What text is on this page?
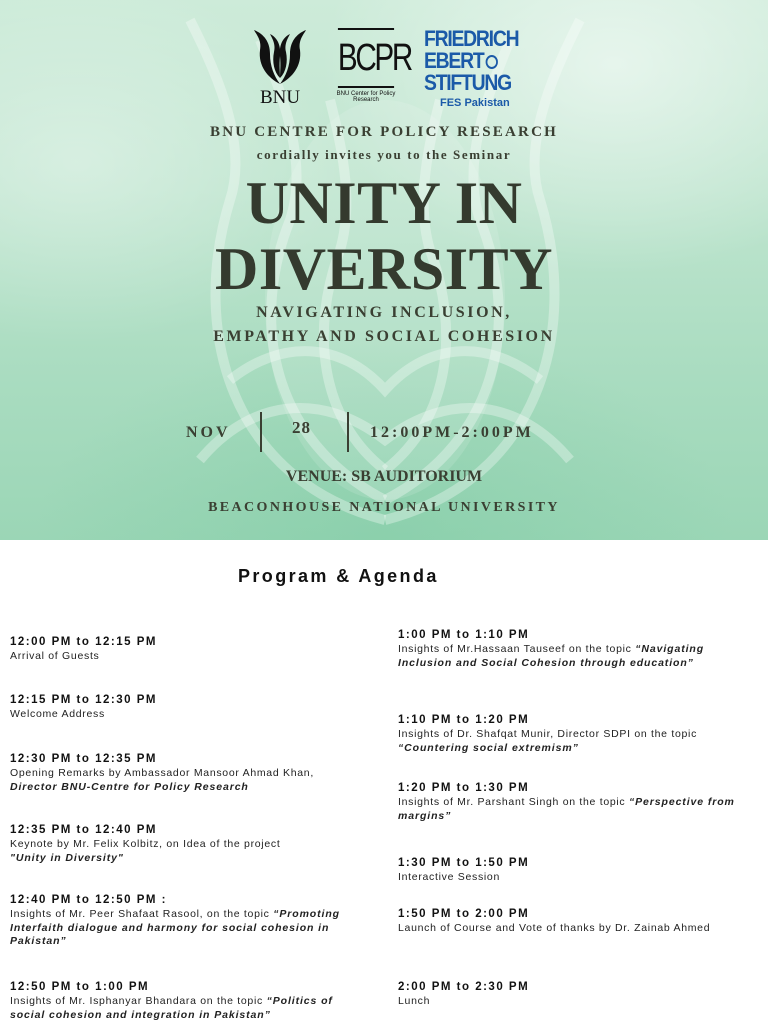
BNU
BCPR
BNU Center for Policy Research
FRIEDRICH
EBERT
STIFTUNG
FES Pakistan
BNU CENTRE FOR POLICY RESEARCH
cordially invites you to the Seminar
UNITY IN
DIVERSITY
NAVIGATING INCLUSION,
EMPATHY AND SOCIAL COHESION
NOV	28	12:00PM-2:00PM
VENUE: SB AUDITORIUM
BEACONHOUSE NATIONAL UNIVERSITY
Program & Agenda
12:00 PM to 12:15 PM
Arrival of Guests
12:15 PM to 12:30 PM
Welcome Address
12:30 PM to 12:35 PM
Opening Remarks by Ambassador Mansoor Ahmad Khan, Director BNU-Centre for Policy Research
12:35 PM to 12:40 PM
Keynote by Mr. Felix Kolbitz, on Idea of the project "Unity in Diversity"
12:40 PM to 12:50 PM :
Insights of Mr. Peer Shafaat Rasool, on the topic “Promoting Interfaith dialogue and harmony for social cohesion in Pakistan”
12:50 PM to 1:00 PM
Insights of Mr. Isphanyar Bhandara on the topic “Politics of social cohesion and integration in Pakistan”
1:00 PM to 1:10 PM
Insights of Mr.Hassaan Tauseef on the topic “Navigating Inclusion and Social Cohesion through education”
1:10 PM to 1:20 PM
Insights of Dr. Shafqat Munir, Director SDPI on the topic “Countering social extremism”
1:20 PM to 1:30 PM
Insights of Mr. Parshant Singh on the topic “Perspective from margins”
1:30 PM to 1:50 PM
Interactive Session
1:50 PM to 2:00 PM
Launch of Course and Vote of thanks by Dr. Zainab Ahmed
2:00 PM to 2:30 PM
Lunch
